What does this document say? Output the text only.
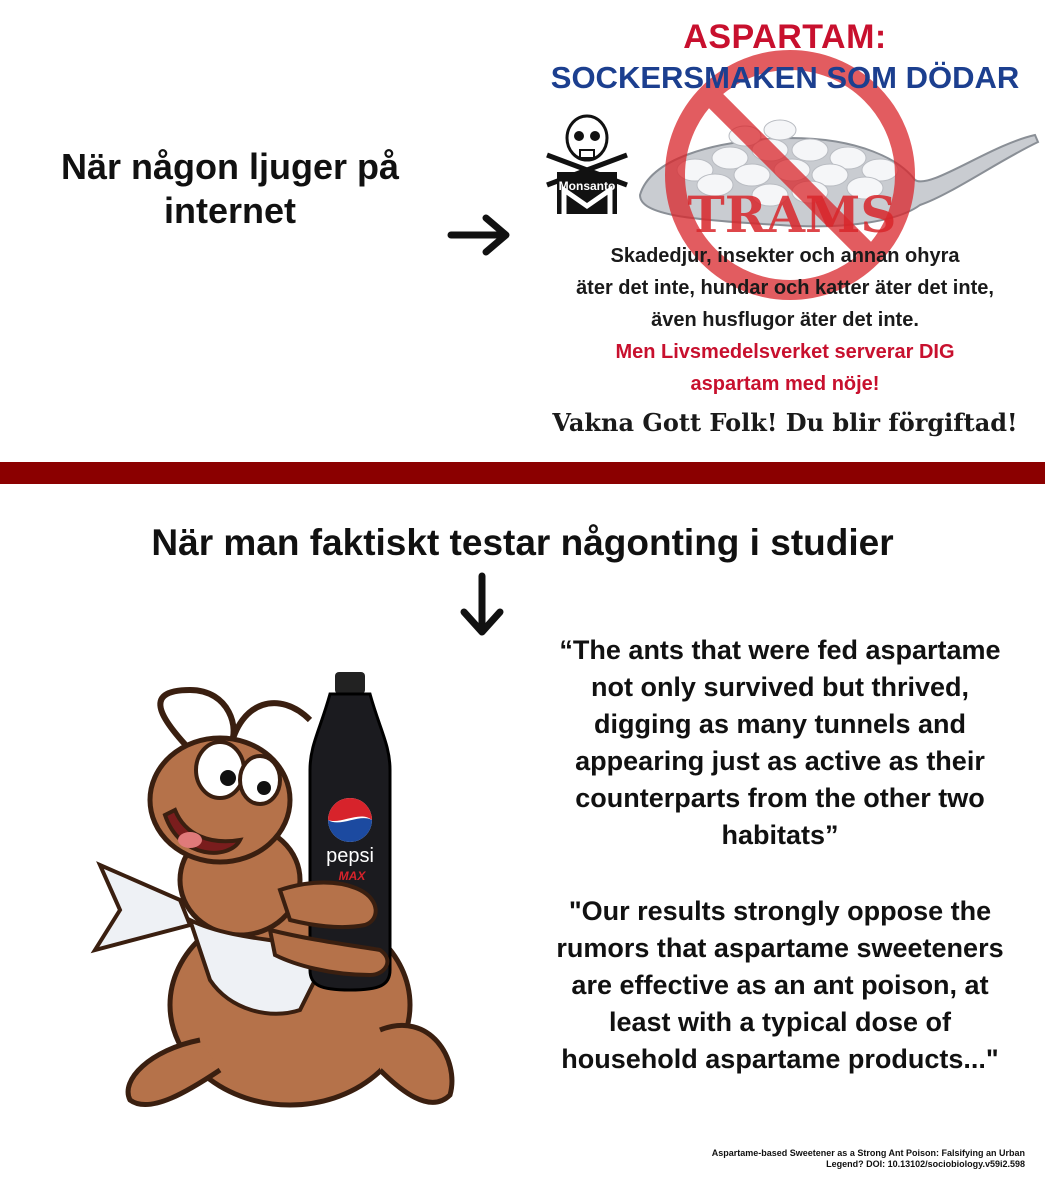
När någon ljuger på internet
Monsanto TRAMS
ASPARTAM:
SOCKERSMAKEN SOM DÖDAR
Skadedjur, insekter och annan ohyra
äter det inte, hundar och katter äter det inte,
även husflugor äter det inte.
Men Livsmedelsverket serverar DIG
aspartam med nöje!
Vakna Gott Folk! Du blir förgiftad!
När man faktiskt testar någonting i studier
pepsi
MAX
“The ants that were fed aspartame not only survived but thrived, digging as many tunnels and appearing just as active as their counterparts from the other two habitats”
"Our results strongly oppose the rumors that aspartame sweeteners are effective as an ant poison, at least with a typical dose of household aspartame products..."
Aspartame-based Sweetener as a Strong Ant Poison: Falsifying an Urban
Legend? DOI: 10.13102/sociobiology.v59i2.598
